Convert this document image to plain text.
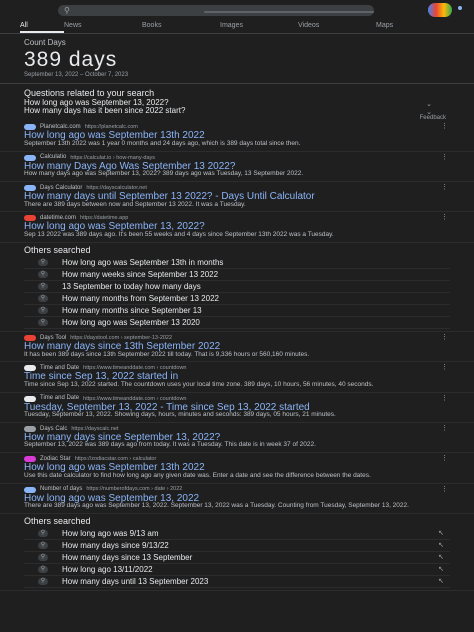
⚲
All	News	Books	Images	Videos	Maps
Count Days
389 days
September 13, 2022 – October 7, 2023
Questions related to your search
How long ago was September 13, 2022?	⌄
How many days has it been since 2022 start?	⌄
Feedback
Planetcalc.com https://planetcalc.com
How long ago was September 13th 2022
September 13th 2022 was 1 year 0 months and 24 days ago, which is 389 days total since then.
⋮
Calculatio https://calculat.io › how-many-days
How many Days Ago Was September 13 2022?
How many days ago was September 13, 2022? 389 days ago was Tuesday, 13 September 2022.
⋮
Days Calculator https://dayscalculator.net
How many days until September 13 2022? - Days Until Calculator
There are 389 days between now and September 13 2022. It was a Tuesday.
⋮
datetime.com https://datetime.app
How long ago was September 13, 2022?
Sep 13 2022 was 389 days ago. It's been 55 weeks and 4 days since September 13th 2022 was a Tuesday.
⋮
Others searched
⚲	How long ago was September 13th in months
⚲	How many weeks since September 13 2022
⚲	13 September to today how many days
⚲	How many months from September 13 2022
⚲	How many months since September 13
⚲	How long ago was September 13 2020
Days Tool https://daystool.com › september-13-2022
How many days since 13th September 2022
It has been 389 days since 13th September 2022 till today. That is 9,336 hours or 560,160 minutes.
⋮
Time and Date https://www.timeanddate.com › countdown
Time since Sep 13, 2022 started in
Time since Sep 13, 2022 started. The countdown uses your local time zone. 389 days, 10 hours, 56 minutes, 40 seconds.
⋮
Time and Date https://www.timeanddate.com › countdown
Tuesday, September 13, 2022 - Time since Sep 13, 2022 started
Tuesday, September 13, 2022. Showing days, hours, minutes and seconds: 389 days, 05 hours, 21 minutes.
⋮
Days Calc https://dayscalc.net
How many days since September 13, 2022?
September 13, 2022 was 389 days ago from today. It was a Tuesday. This date is in week 37 of 2022.
⋮
Zodiac Star https://zodiacstar.com › calculator
How long ago was September 13th 2022
Use this date calculator to find how long ago any given date was. Enter a date and see the difference between the dates.
⋮
Number of days https://numberofdays.com › date › 2022
How long ago was September 13, 2022
There are 389 days ago was September 13, 2022. September 13, 2022 was a Tuesday. Counting from Tuesday, September 13, 2022.
⋮
Others searched
⚲	How long ago was 9/13 am	↖
⚲	How many days since 9/13/22	↖
⚲	How many days since 13 September	↖
⚲	How long ago 13/11/2022	↖
⚲	How many days until 13 September 2023	↖
